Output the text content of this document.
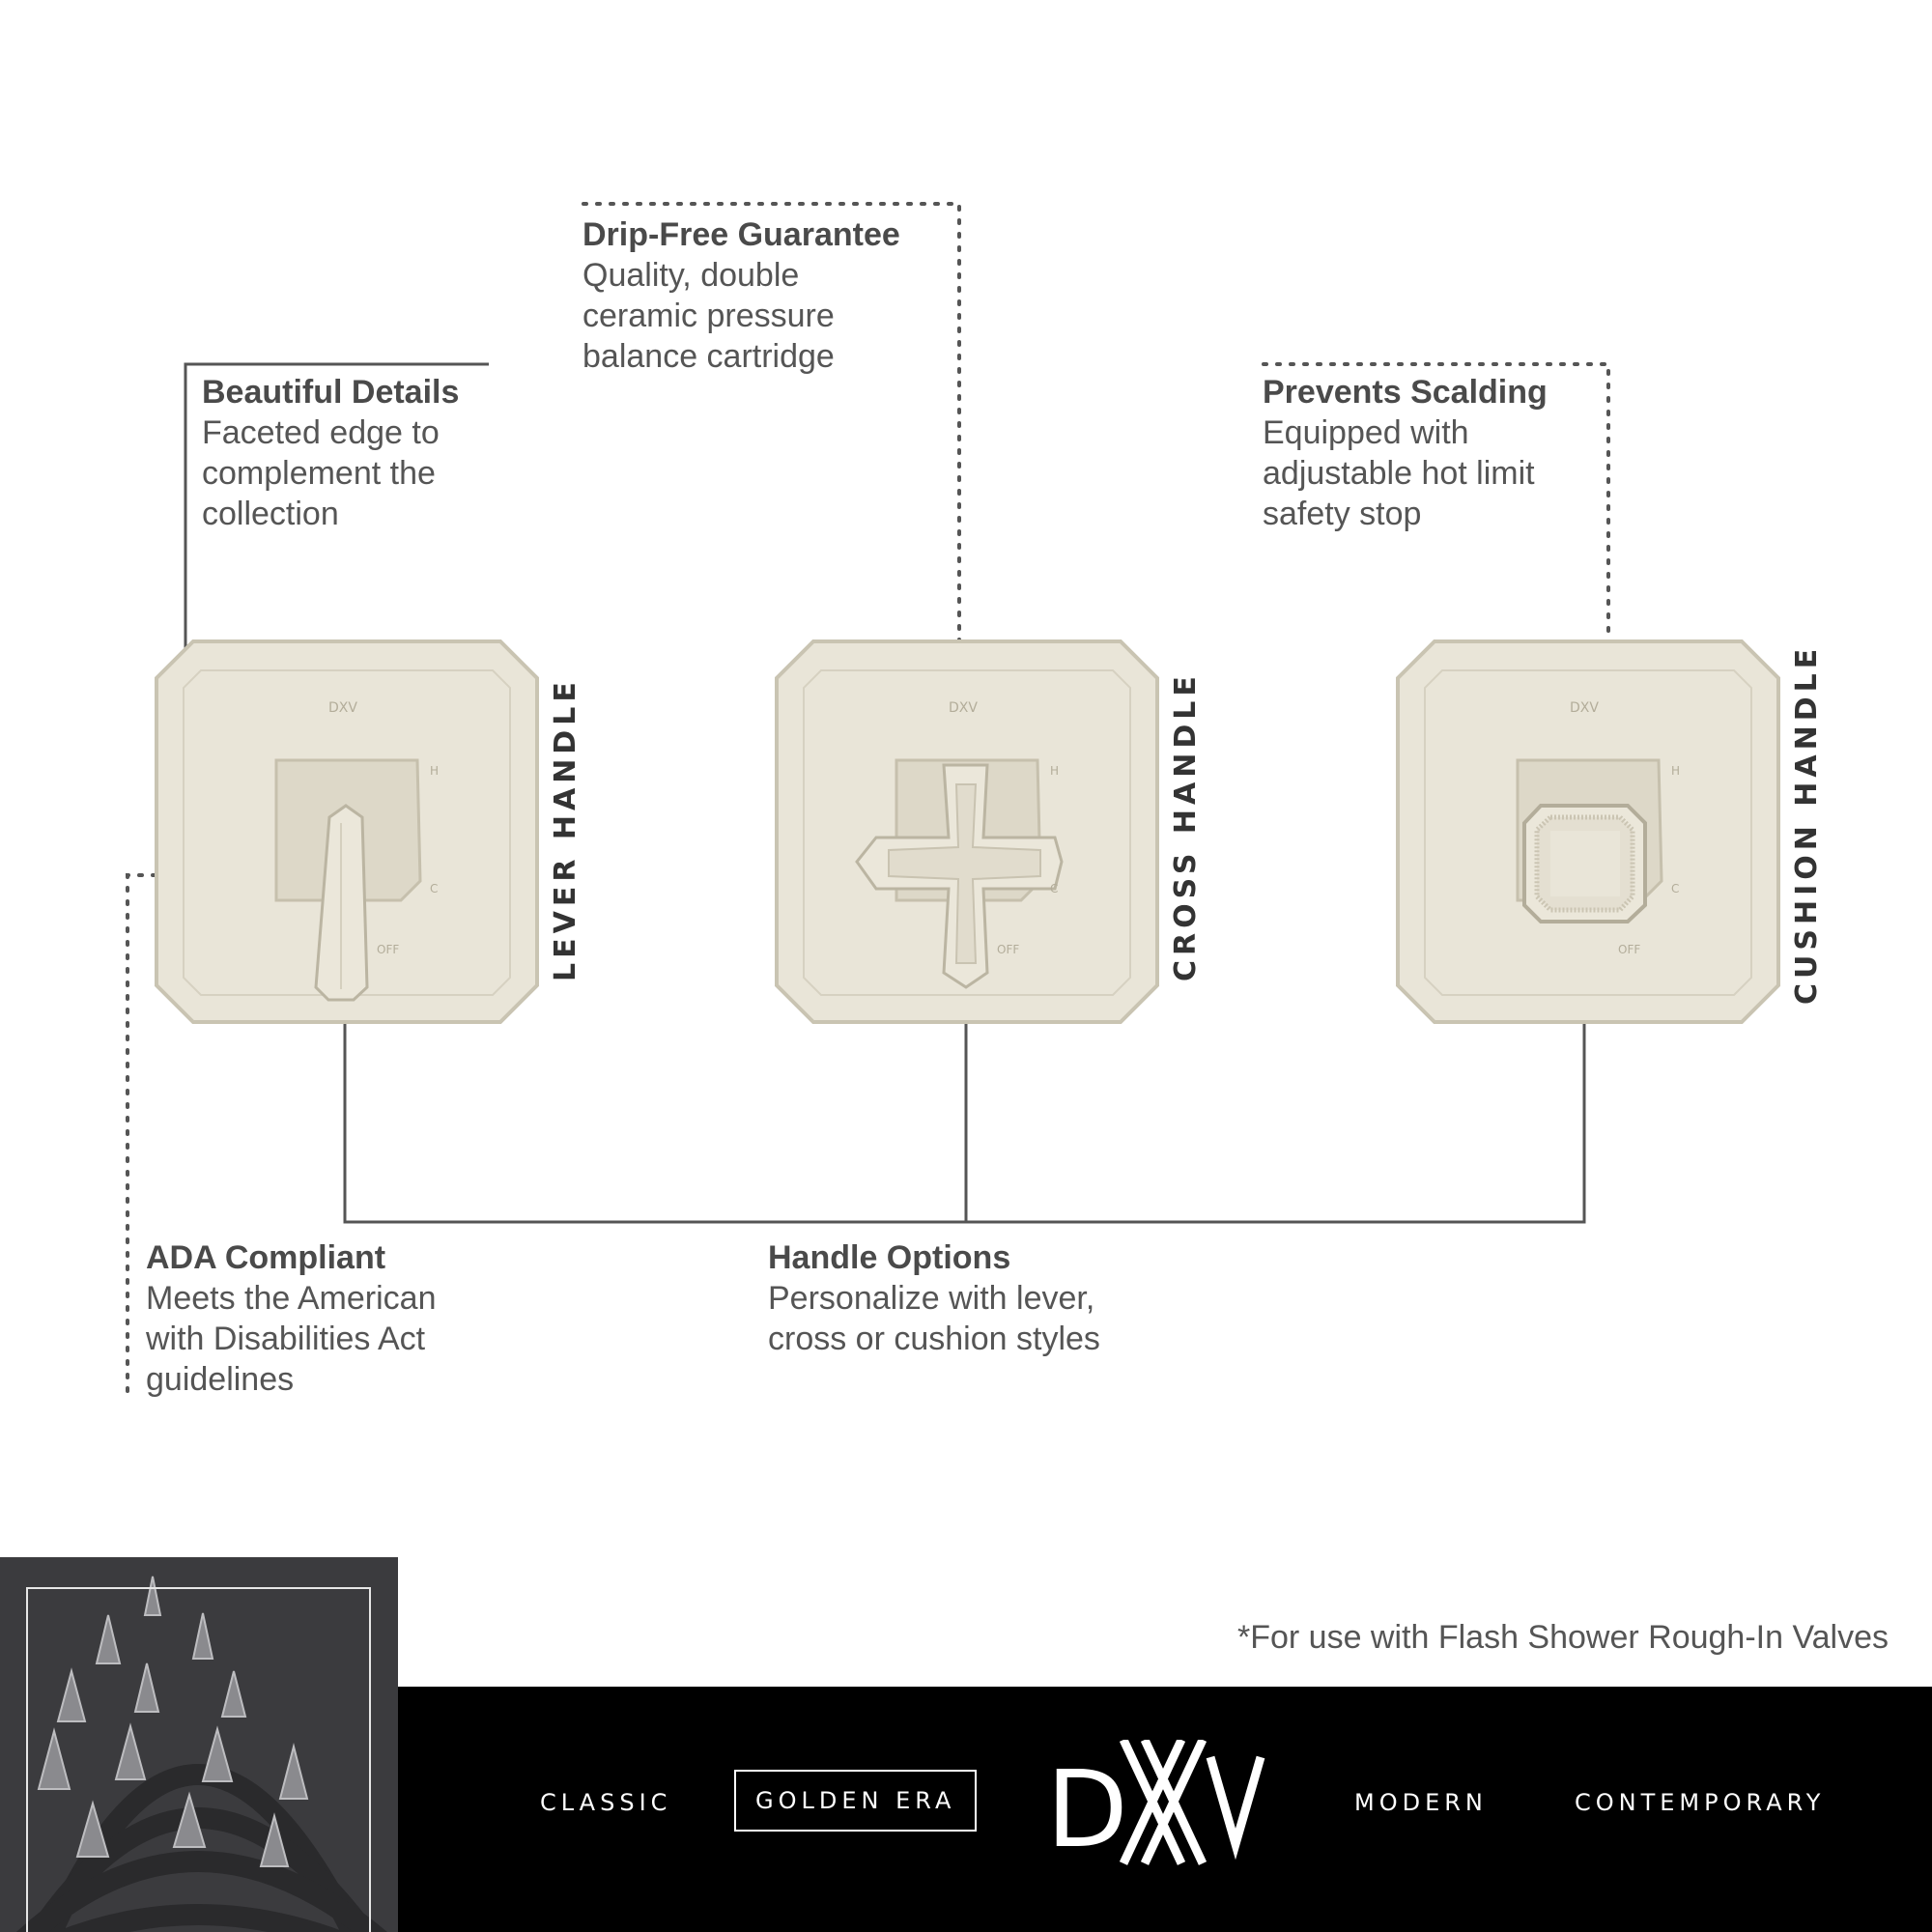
Drip-Free Guarantee
Quality, double
ceramic pressure
balance cartridge
Beautiful Details
Faceted edge to
complement the
collection
Prevents Scalding
Equipped with
adjustable hot limit
safety stop
ADA Compliant
Meets the American
with Disabilities Act
guidelines
Handle Options
Personalize with lever,
cross or cushion styles
DXV
H
C
OFF
DXV
H
C
OFF
DXV
H
C
OFF
LEVER HANDLE	CROSS HANDLE	CUSHION HANDLE
*For use with Flash Shower Rough-In Valves
CLASSIC	GOLDEN ERA D
DXV
MODERN	CONTEMPORARY
